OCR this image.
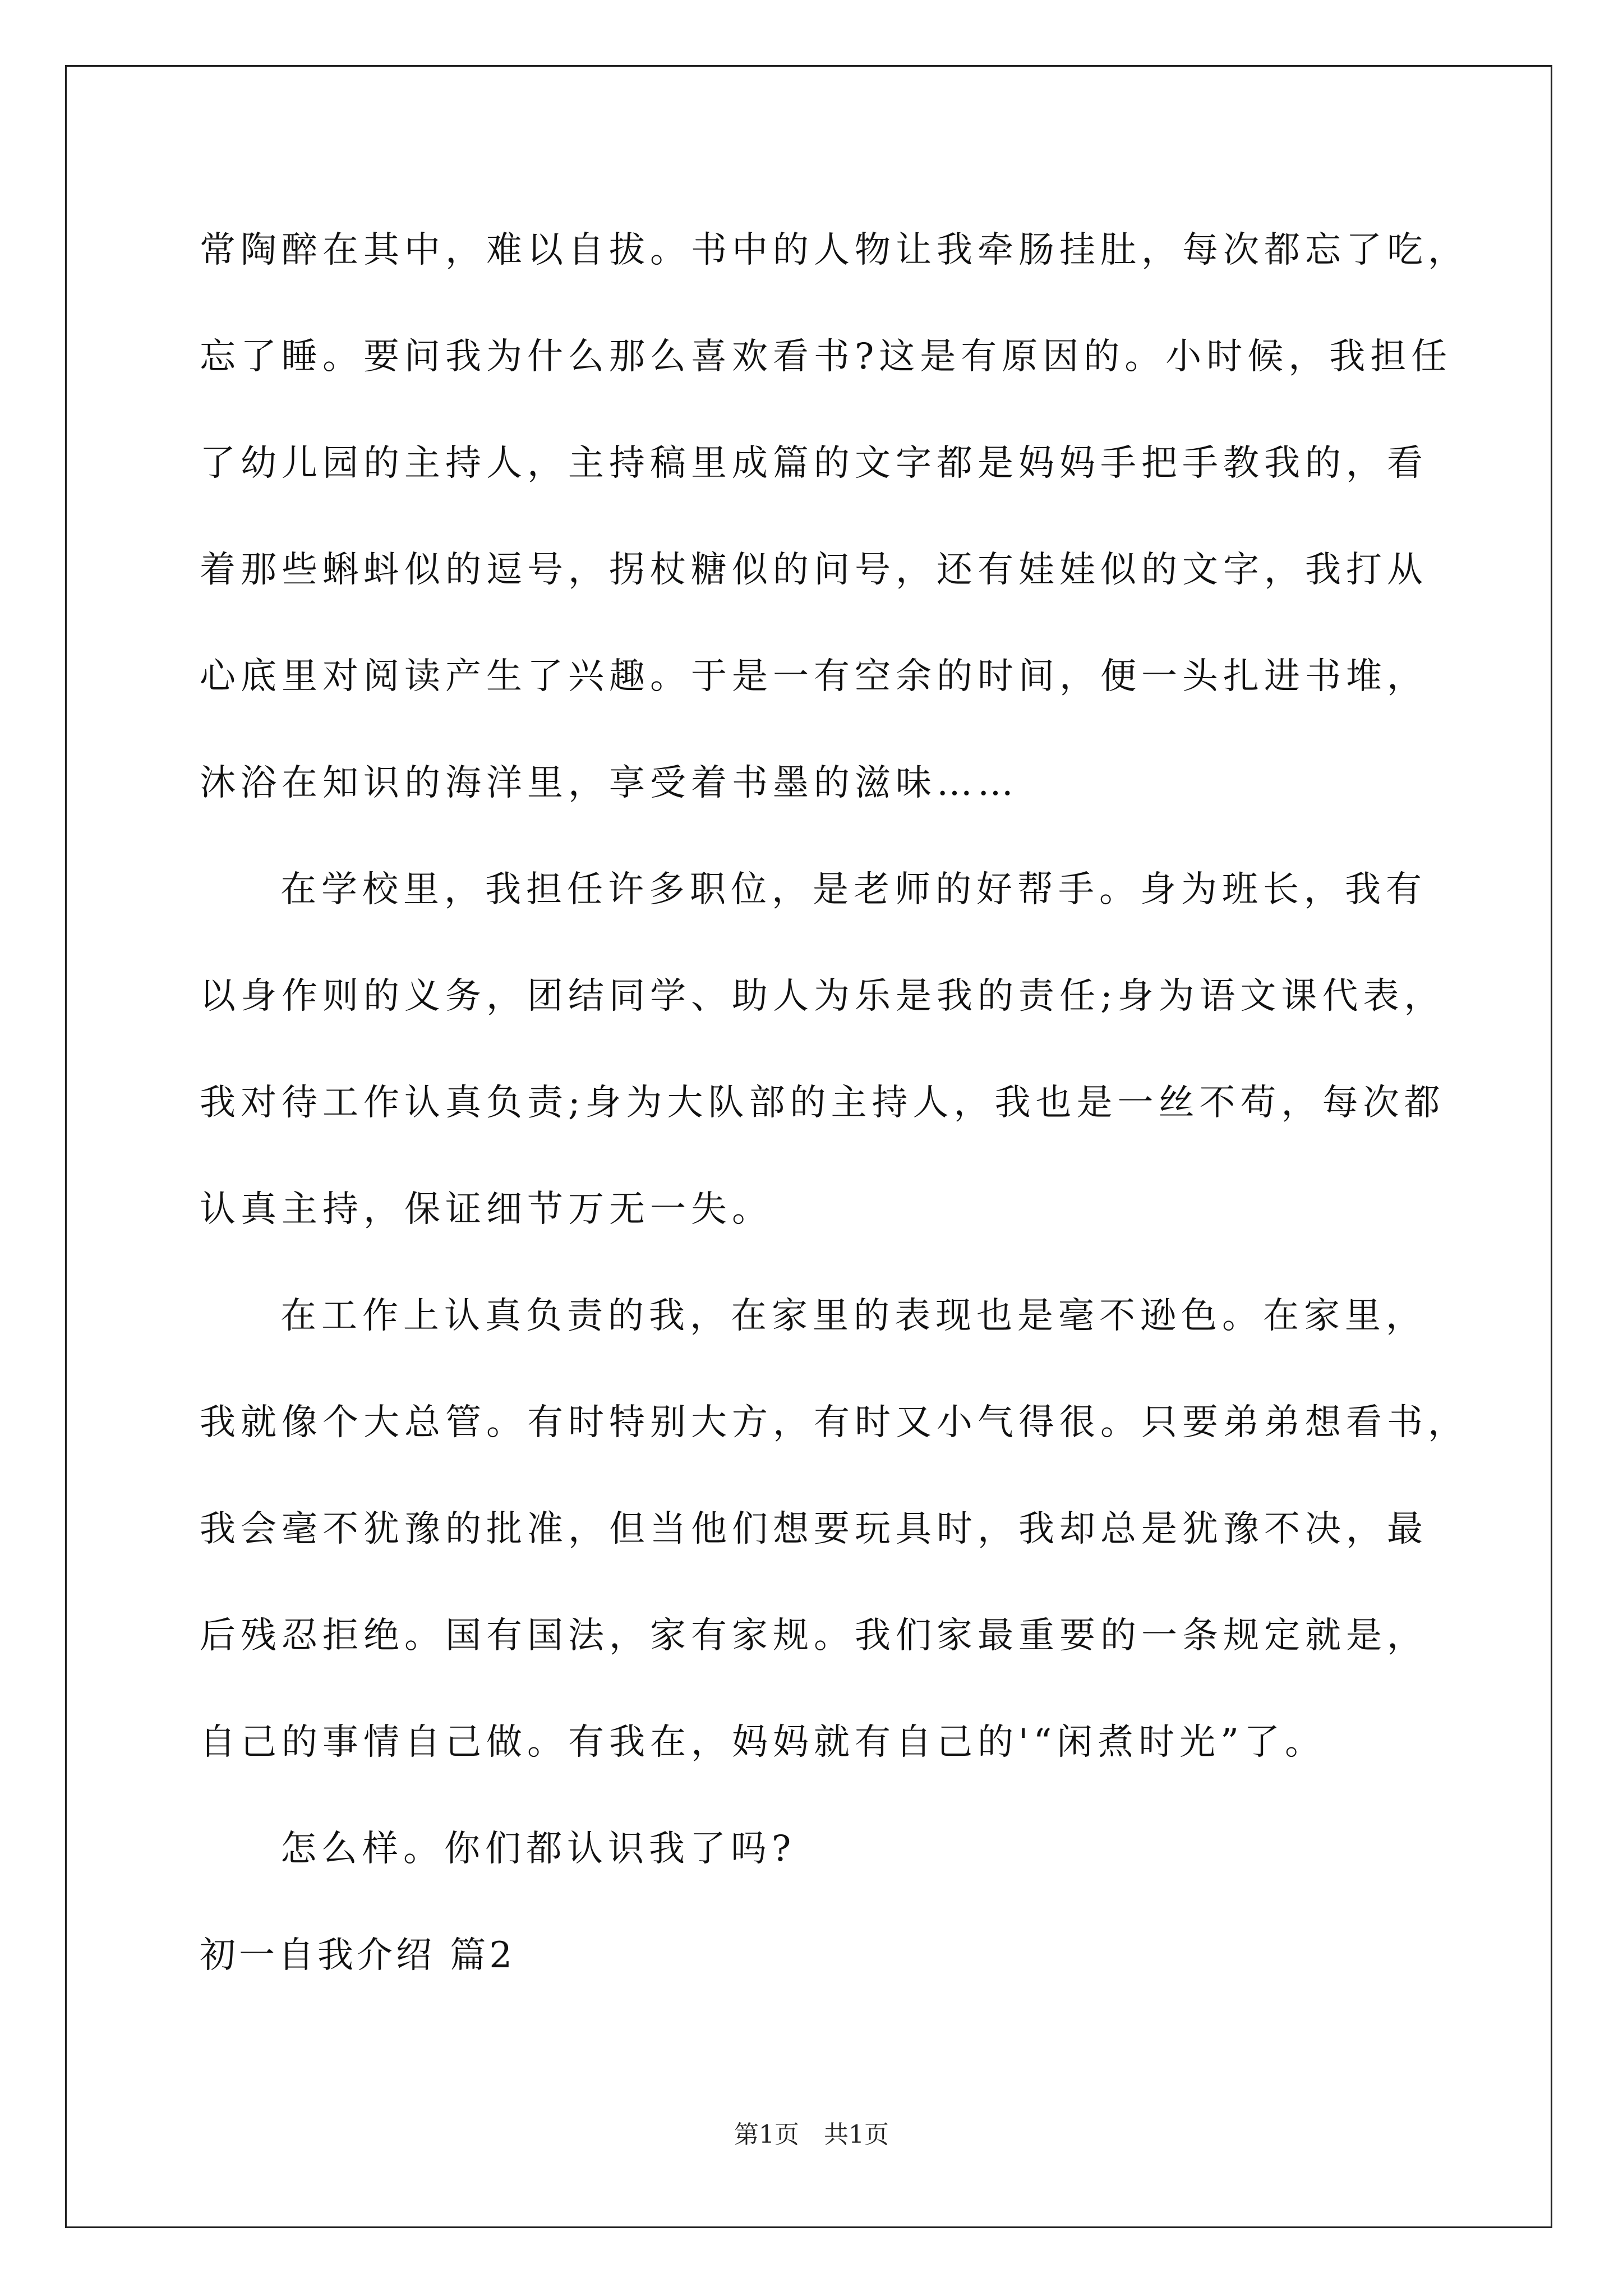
常陶醉在其中，难以自拔。书中的人物让我牵肠挂肚，每次都忘了吃，
忘了睡。要问我为什么那么喜欢看书?这是有原因的。小时候，我担任
了幼儿园的主持人，主持稿里成篇的文字都是妈妈手把手教我的，看
着那些蝌蚪似的逗号，拐杖糖似的问号，还有娃娃似的文字，我打从
心底里对阅读产生了兴趣。于是一有空余的时间，便一头扎进书堆，
沐浴在知识的海洋里，享受着书墨的滋味……
在学校里，我担任许多职位，是老师的好帮手。身为班长，我有
以身作则的义务，团结同学、助人为乐是我的责任;身为语文课代表，
我对待工作认真负责;身为大队部的主持人，我也是一丝不苟，每次都
认真主持，保证细节万无一失。
在工作上认真负责的我，在家里的表现也是毫不逊色。在家里，
我就像个大总管。有时特别大方，有时又小气得很。只要弟弟想看书，
我会毫不犹豫的批准，但当他们想要玩具时，我却总是犹豫不决，最
后残忍拒绝。国有国法，家有家规。我们家最重要的一条规定就是，
自己的事情自己做。有我在，妈妈就有自己的'“闲煮时光”了。
怎么样。你们都认识我了吗?
初一自我介绍 篇2
第1页　共1页
